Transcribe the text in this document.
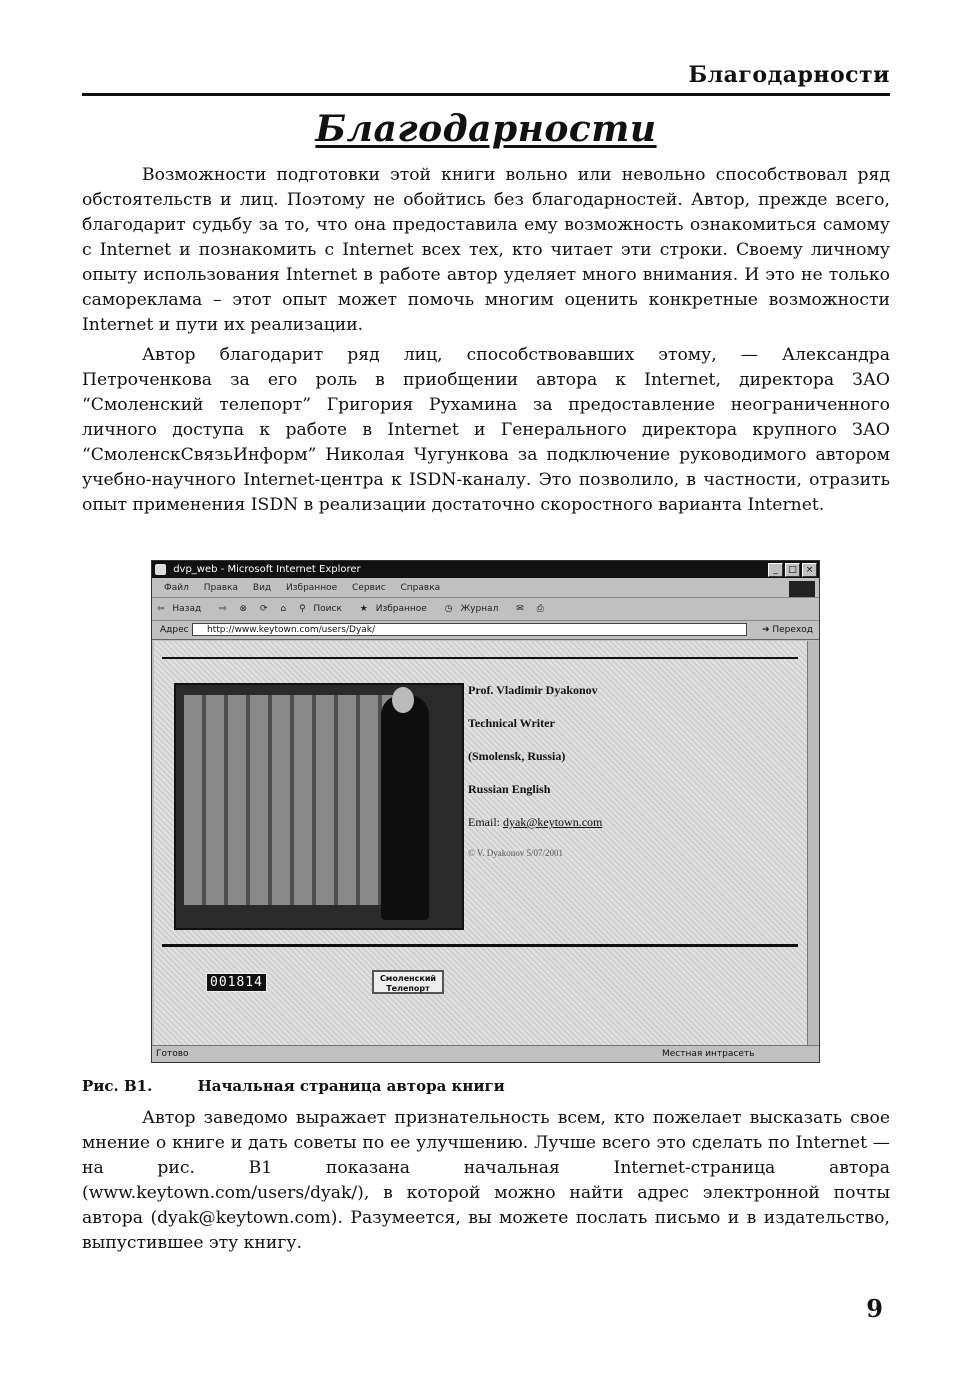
Благодарности
Благодарности

Возможности подготовки этой книги вольно или невольно способствовал ряд обстоятельств и лиц. Поэтому не обойтись без благодарностей. Автор, прежде всего, благодарит судьбу за то, что она предоставила ему возможность ознакомиться самому с Internet и познакомить с Internet всех тех, кто читает эти строки. Своему личному опыту использования Internet в работе автор уделяет много внимания. И это не только самореклама – этот опыт может помочь многим оценить конкретные возможности Internet и пути их реализации.

Автор благодарит ряд лиц, способствовавших этому, — Александра Петроченкова за его роль в приобщении автора к Internet, директора ЗАО “Смоленский телепорт” Григория Рухамина за предоставление неограниченного личного доступа к работе в Internet и Генерального директора крупного ЗАО “СмоленскСвязьИнформ” Николая Чугункова за подключение руководимого автором учебно-научного Internet-центра к ISDN-каналу. Это позволило, в частности, отразить опыт применения ISDN в реализации достаточно скоростного варианта Internet.

dvp_web - Microsoft Internet Explorer	_	□ ×
Файл Правка Вид Избранное Сервис Справка
⇦ Назад ⇨ ⊗ ⟳ ⌂ ⚲ Поиск ★ Избранное ◷ Журнал ✉ ⎙
Адрес	http://www.keytown.com/users/Dyak/	➔ Переход
Prof. Vladimir Dyakonov
Technical Writer
(Smolensk, Russia)
Russian English
Email: dyak@keytown.com
© V. Dyakonov 5/07/2001
001814	Смоленский Телепорт
Готово	Местная интрасеть
Рис. B1.	Начальная страница автора книги

Автор заведомо выражает признательность всем, кто пожелает высказать свое мнение о книге и дать советы по ее улучшению. Лучше всего это сделать по Internet — на рис. B1 показана начальная Internet-страница автора (www.keytown.com/users/dyak/), в которой можно найти адрес электронной почты автора (dyak@keytown.com). Разумеется, вы можете послать письмо и в издательство, выпустившее эту книгу.

9
